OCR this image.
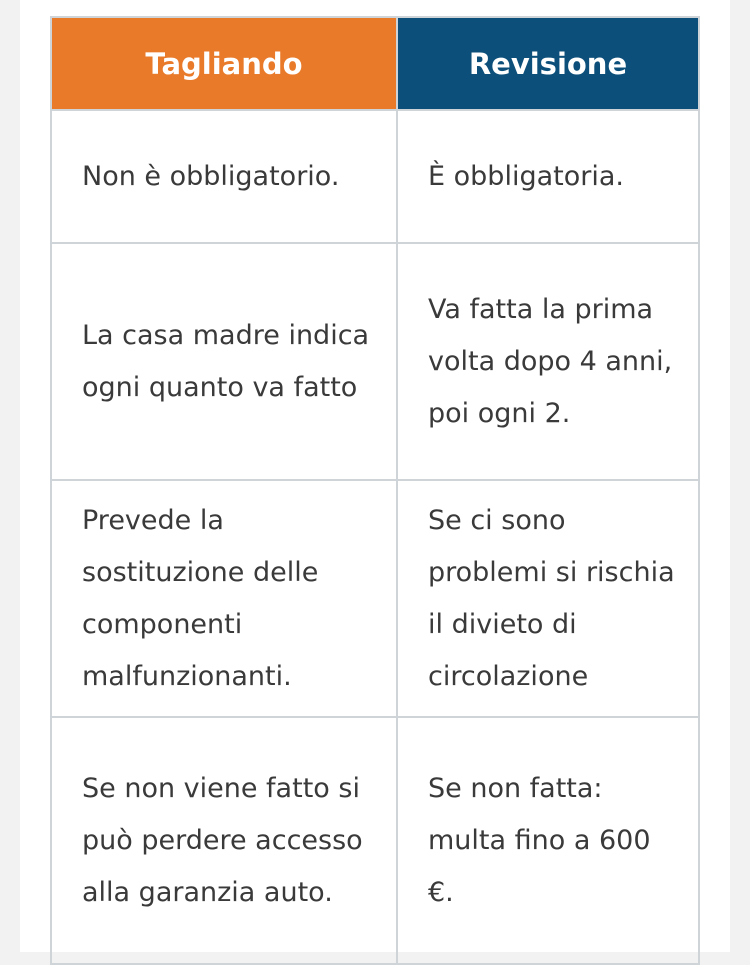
Tagliando	Revisione
Non è obbligatorio.	È obbligatoria.
La casa madre indica ogni quanto va fatto	Va fatta la prima volta dopo 4 anni, poi ogni 2.
Prevede la sostituzione delle componenti malfunzionanti.	Se ci sono problemi si rischia il divieto di circolazione
Se non viene fatto si può perdere accesso alla garanzia auto.	Se non fatta: multa fino a 600 €.
